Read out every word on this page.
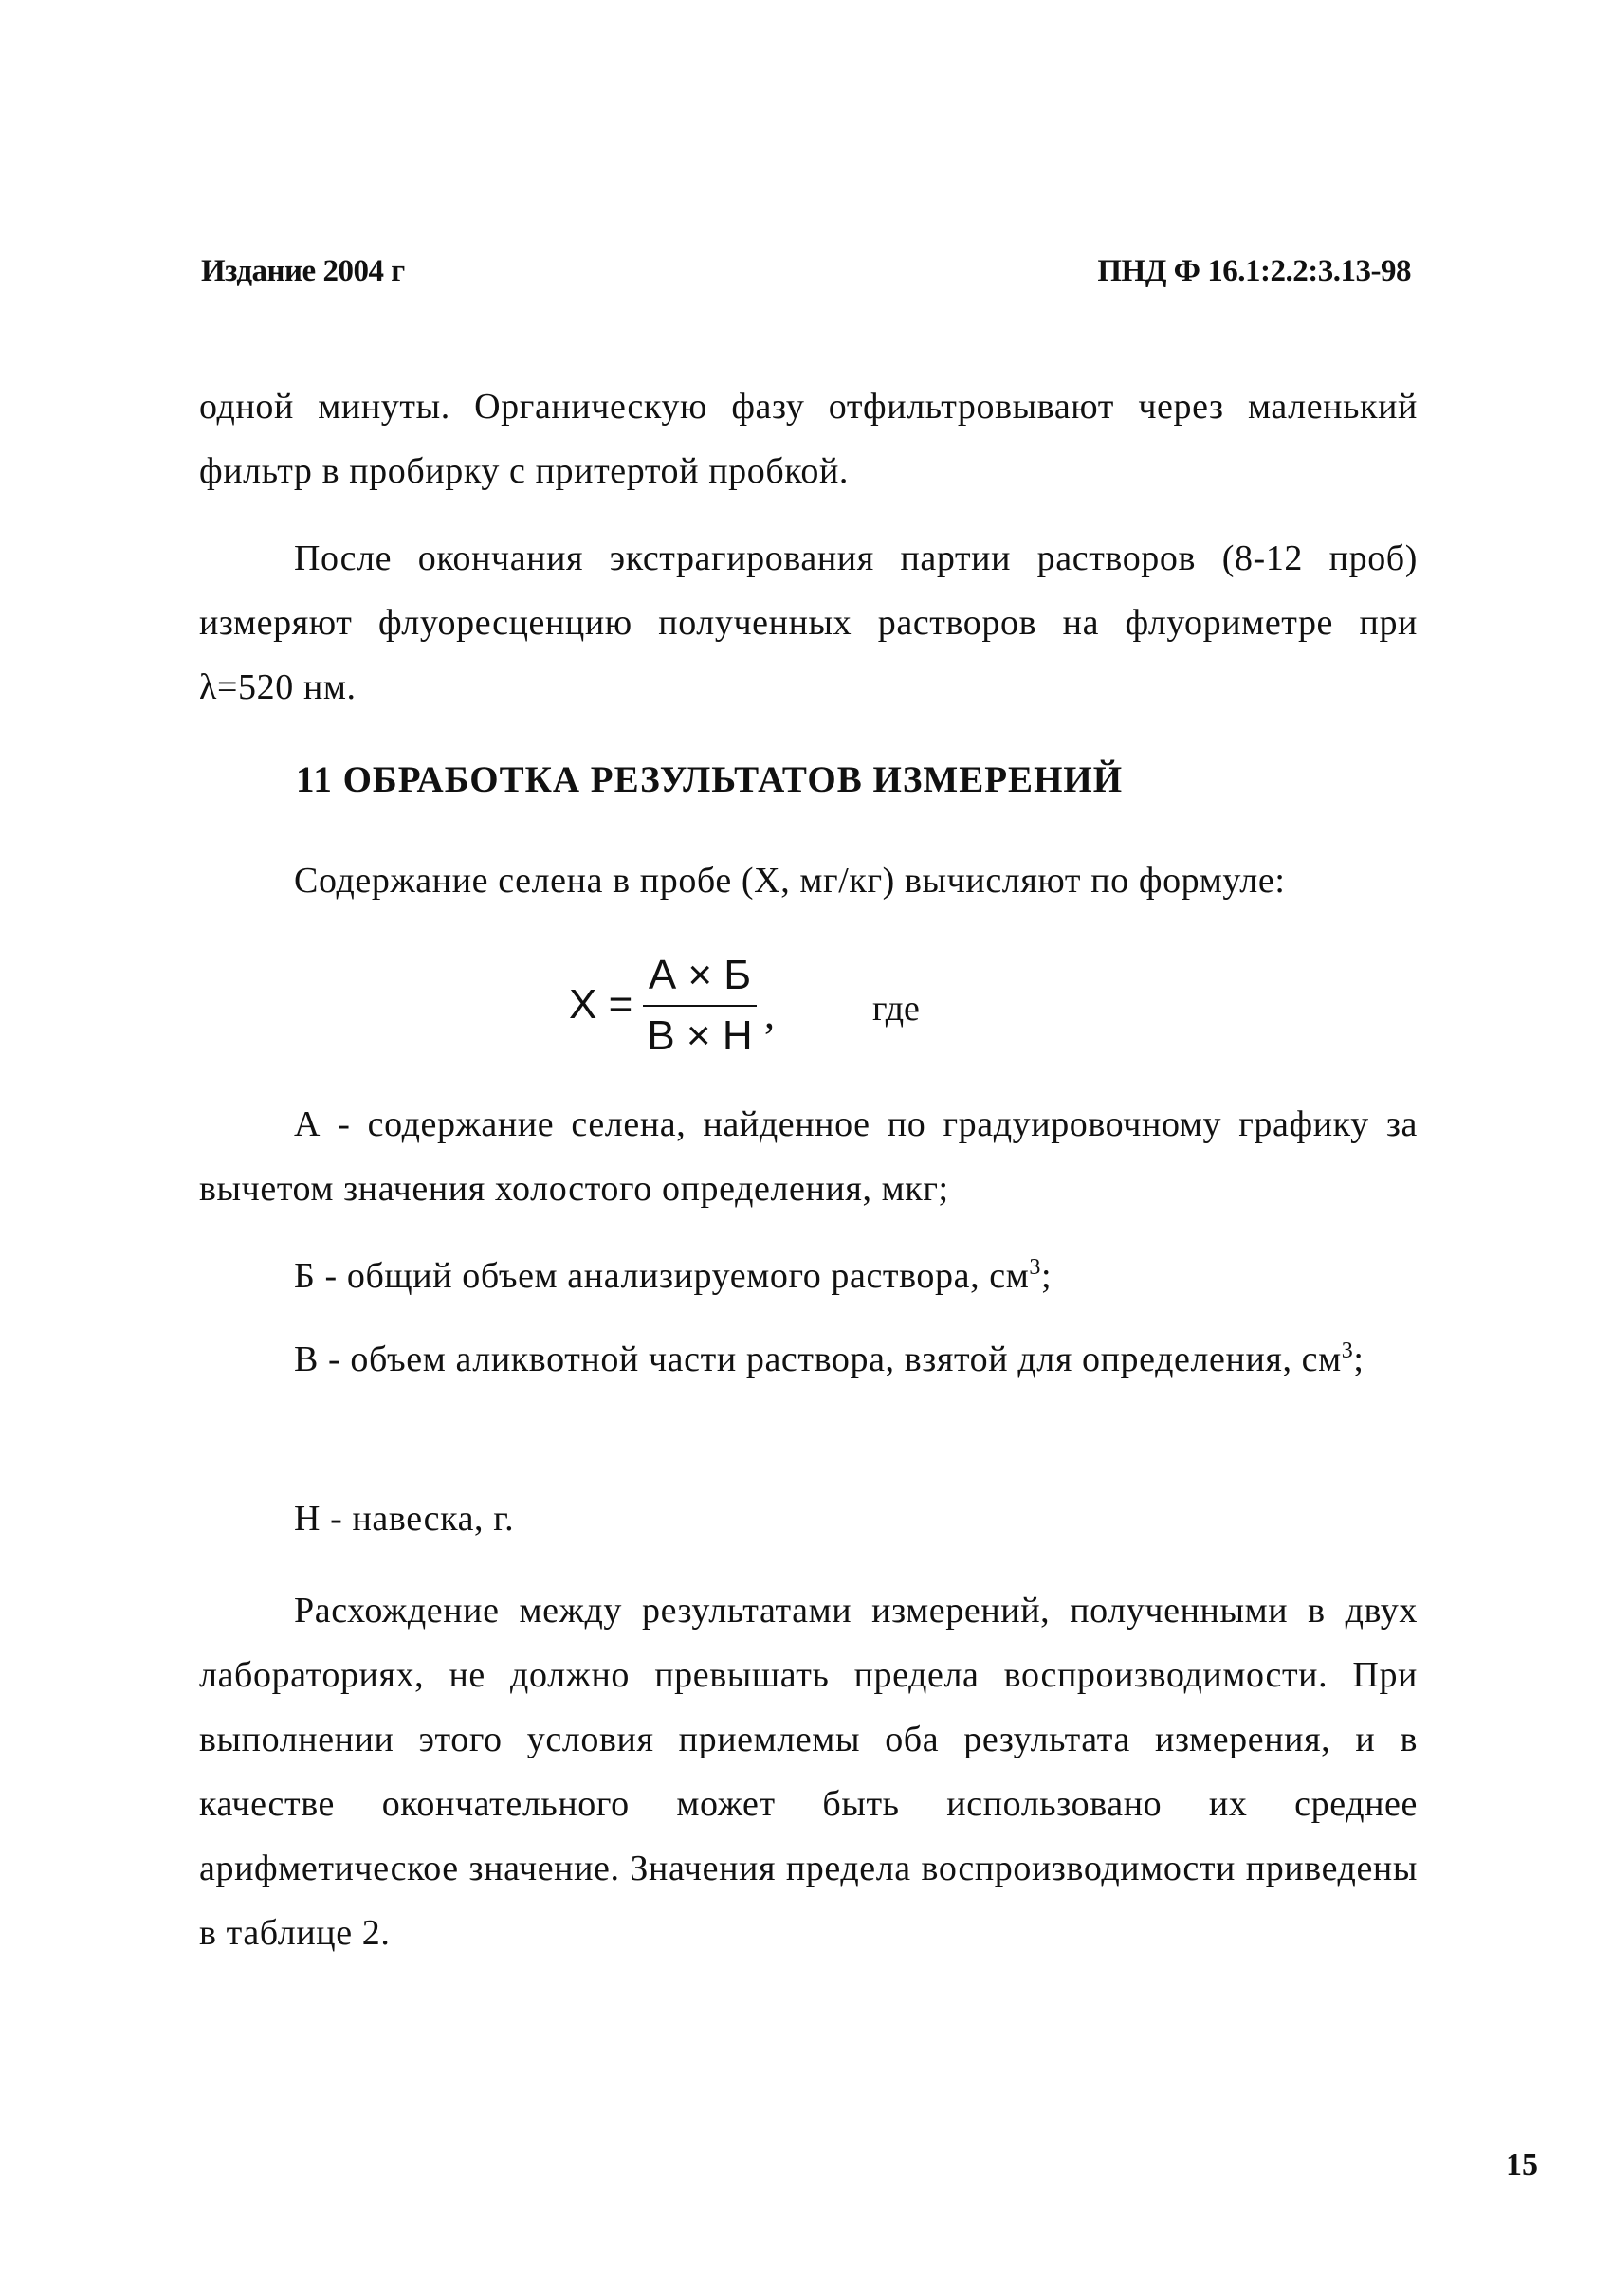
Издание 2004 г	ПНД Ф 16.1:2.2:3.13-98
одной минуты. Органическую фазу отфильтровывают через маленький фильтр в пробирку с притертой пробкой.
После окончания экстрагирования партии растворов (8-12 проб) измеряют флуоресценцию полученных растворов на флуориметре при λ=520 нм.
11 ОБРАБОТКА РЕЗУЛЬТАТОВ ИЗМЕРЕНИЙ
Содержание селена в пробе (X, мг/кг) вычисляют по формуле:
X =
А × Б
В × Н ,	где
А - содержание селена, найденное по градуировочному графику за вычетом значения холостого определения, мкг;
Б - общий объем анализируемого раствора, $см^3$;
В - объем аликвотной части раствора, взятой для определения, $см^3$;
Н - навеска, г.
Расхождение между результатами измерений, полученными в двух лабораториях, не должно превышать предела воспроизводимости. При выполнении этого условия приемлемы оба результата измерения, и в качестве окончательного может быть использовано их среднее арифметическое значение. Значения предела воспроизводимости приведены в таблице 2.
15
